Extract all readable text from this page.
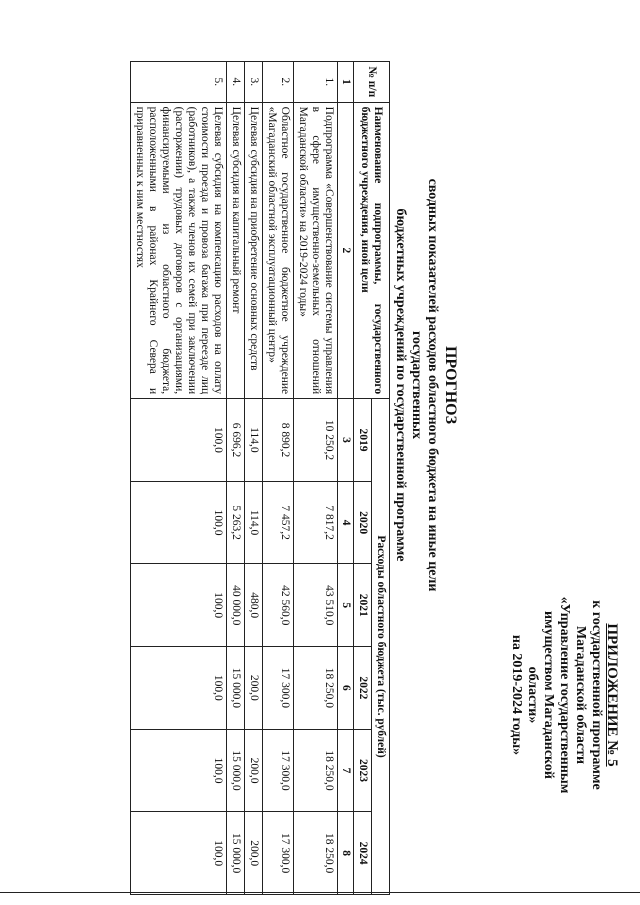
ПРИЛОЖЕНИЕ № 5
к государственной программе
Магаданской области
«Управление государственным
имуществом Магаданской
области»
на 2019-2024 годы»
ПРОГНОЗ
сводных показателей расходов областного бюджета на иные цели государственных
бюджетных учреждений по государственной программе
№ п/п	Наименование подпрограммы, государственного бюджетного учреждения, иной цели	Расходы областного бюджета (тыс. рублей)					
		2019	2020	2021	2022	2023	2024
1	2	3	4	5	6	7	8
1.	Подпрограмма «Совершенствование системы управления в сфере имущественно-земельных отношений Магаданской области» на 2019-2024 годы»	10 250,2	7 817,2	43 510,0	18 250,0	18 250,0	18 250,0
2.	Областное государственное бюджетное учреждение «Магаданский областной эксплуатационный центр»	8 890,2	7 457,2	42 560,0	17 300,0	17 300,0	17 300,0
3.	Целевая субсидия на приобретение основных средств	114,0	114,0	480,0	200,0	200,0	200,0
4.	Целевая субсидия на капитальный ремонт	6 696,2	5 263,2	40 000,0	15 000,0	15 000,0	15 000,0
5.	Целевая субсидия на компенсацию расходов на оплату стоимости проезда и провоза багажа при переезде лиц (работников), а также членов их семей при заключении (расторжении) трудовых договоров с организациями, финансируемыми из областного бюджета, расположенными в районах Крайнего Севера и приравненных к ним местностях	100,0	100,0	100,0	100,0	100,0	100,0
